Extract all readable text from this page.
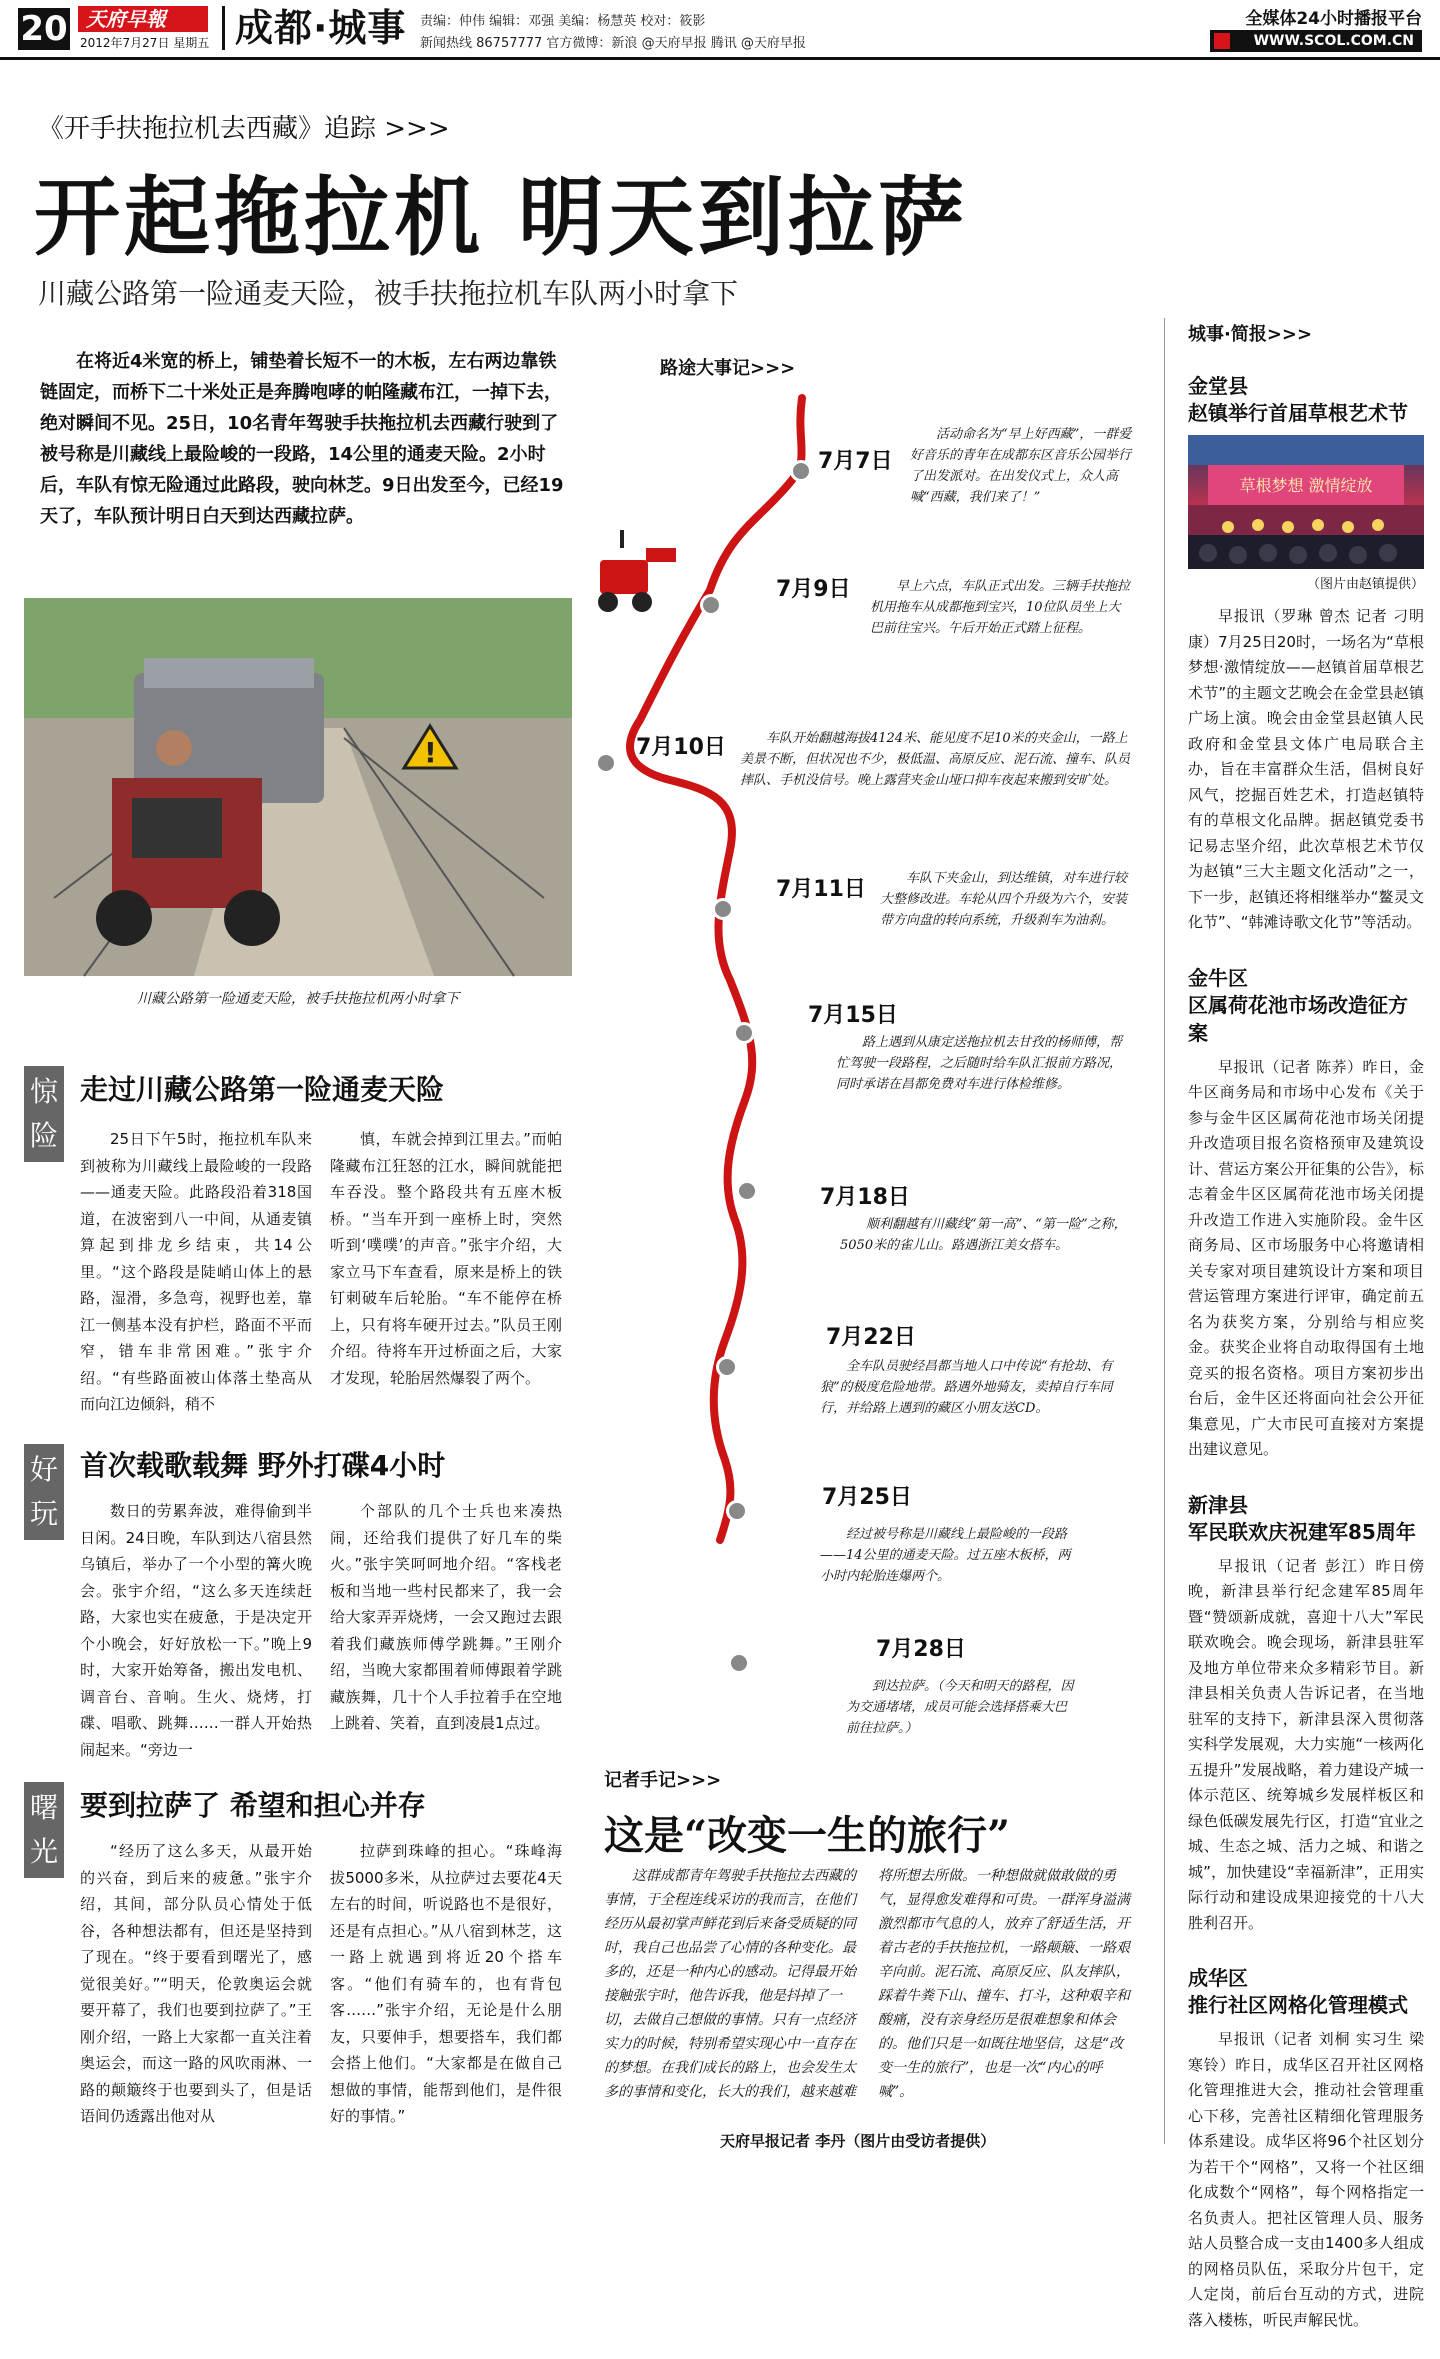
20 天府早報
2012年7月27日 星期五 成都·城事 责编：仲伟 编辑：邓强 美编：杨慧英 校对：筱影
新闻热线 86757777 官方微博：新浪 @天府早报 腾讯 @天府早报
全媒体24小时播报平台
WWW.SCOL.COM.CN
《开手扶拖拉机去西藏》追踪 >>>
开起拖拉机 明天到拉萨
川藏公路第一险通麦天险，被手扶拖拉机车队两小时拿下
在将近4米宽的桥上，铺垫着长短不一的木板，左右两边靠铁链固定，而桥下二十米处正是奔腾咆哮的帕隆藏布江，一掉下去，绝对瞬间不见。25日，10名青年驾驶手扶拖拉机去西藏行驶到了被号称是川藏线上最险峻的一段路，14公里的通麦天险。2小时后，车队有惊无险通过此路段，驶向林芝。9日出发至今，已经19天了，车队预计明日白天到达西藏拉萨。
!
川藏公路第一险通麦天险，被手扶拖拉机两小时拿下
惊险
走过川藏公路第一险通麦天险

25日下午5时，拖拉机车队来到被称为川藏线上最险峻的一段路——通麦天险。此路段沿着318国道，在波密到八一中间，从通麦镇算起到排龙乡结束，共14公里。“这个路段是陡峭山体上的悬路，湿滑，多急弯，视野也差，靠江一侧基本没有护栏，路面不平而窄，错车非常困难。”张宇介绍。“有些路面被山体落土垫高从而向江边倾斜，稍不

慎，车就会掉到江里去。”而帕隆藏布江狂怒的江水，瞬间就能把车吞没。整个路段共有五座木板桥。“当车开到一座桥上时，突然听到‘噗噗’的声音。”张宇介绍，大家立马下车查看，原来是桥上的铁钉刺破车后轮胎。“车不能停在桥上，只有将车硬开过去。”队员王刚介绍。待将车开过桥面之后，大家才发现，轮胎居然爆裂了两个。

好玩
首次载歌载舞 野外打碟4小时

数日的劳累奔波，难得偷到半日闲。24日晚，车队到达八宿县然乌镇后，举办了一个小型的篝火晚会。张宇介绍，“这么多天连续赶路，大家也实在疲惫，于是决定开个小晚会，好好放松一下。”晚上9时，大家开始筹备，搬出发电机、调音台、音响。生火、烧烤，打碟、唱歌、跳舞……一群人开始热闹起来。“旁边一

个部队的几个士兵也来凑热闹，还给我们提供了好几车的柴火。”张宇笑呵呵地介绍。“客栈老板和当地一些村民都来了，我一会给大家弄弄烧烤，一会又跑过去跟着我们藏族师傅学跳舞。”王刚介绍，当晚大家都围着师傅跟着学跳藏族舞，几十个人手拉着手在空地上跳着、笑着，直到凌晨1点过。

曙光
要到拉萨了 希望和担心并存

“经历了这么多天，从最开始的兴奋，到后来的疲惫。”张宇介绍，其间，部分队员心情处于低谷，各种想法都有，但还是坚持到了现在。“终于要看到曙光了，感觉很美好。”“明天，伦敦奥运会就要开幕了，我们也要到拉萨了。”王刚介绍，一路上大家都一直关注着奥运会，而这一路的风吹雨淋、一路的颠簸终于也要到头了，但是话语间仍透露出他对从

拉萨到珠峰的担心。“珠峰海拔5000多米，从拉萨过去要花4天左右的时间，听说路也不是很好，还是有点担心。”从八宿到林芝，这一路上就遇到将近20个搭车客。“他们有骑车的，也有背包客……”张宇介绍，无论是什么朋友，只要伸手，想要搭车，我们都会搭上他们。“大家都是在做自己想做的事情，能帮到他们，是件很好的事情。”

路途大事记>>>
7月7日
活动命名为“早上好西藏”，一群爱好音乐的青年在成都东区音乐公园举行了出发派对。在出发仪式上，众人高喊“西藏，我们来了！”
7月9日	早上六点，车队正式出发。三辆手扶拖拉机用拖车从成都拖到宝兴，10位队员坐上大巴前往宝兴。午后开始正式踏上征程。
7月10日	车队开始翻越海拔4124米、能见度不足10米的夹金山，一路上美景不断，但状况也不少，极低温、高原反应、泥石流、撞车、队员摔队、手机没信号。晚上露营夹金山垭口抑车夜起来搬到安旷处。
7月11日	车队下夹金山，到达维镇，对车进行较大整修改进。车轮从四个升级为六个，安装带方向盘的转向系统，升级刹车为油刹。
7月15日
路上遇到从康定送拖拉机去甘孜的杨师傅，帮忙驾驶一段路程，之后随时给车队汇报前方路况，同时承诺在昌都免费对车进行体检维修。
7月18日
顺利翻越有川藏线“第一高”、“第一险”之称，5050米的雀儿山。路遇浙江美女搭车。
7月22日
全车队员驶经昌都当地人口中传说“有抢劫、有狼”的极度危险地带。路遇外地骑友，卖掉自行车同行，并给路上遇到的藏区小朋友送CD。
7月25日
经过被号称是川藏线上最险峻的一段路——14公里的通麦天险。过五座木板桥，两小时内轮胎连爆两个。
7月28日
到达拉萨。（今天和明天的路程，因为交通堵堵，成员可能会选择搭乘大巴前往拉萨。）
记者手记>>>
这是“改变一生的旅行”

这群成都青年驾驶手扶拖拉去西藏的事情，于全程连线采访的我而言，在他们经历从最初掌声鲜花到后来备受质疑的同时，我自己也品尝了心情的各种变化。最多的，还是一种内心的感动。记得最开始接触张宇时，他告诉我，他是抖掉了一切，去做自己想做的事情。只有一点经济实力的时候，特别希望实现心中一直存在的梦想。在我们成长的路上，也会发生太多的事情和变化，长大的我们，越来越难将所想去所做。一种想做就做敢做的勇气，显得愈发难得和可贵。一群浑身溢满激烈都市气息的人，放弃了舒适生活，开着古老的手扶拖拉机，一路颠簸、一路艰辛向前。泥石流、高原反应、队友摔队，踩着牛粪下山、撞车、打斗，这种艰辛和酸痛，没有亲身经历是很难想象和体会的。他们只是一如既往地坚信，这是“改变一生的旅行”，也是一次“内心的呼喊”。

天府早报记者 李丹（图片由受访者提供）
城事·简报>>>
金堂县
赵镇举行首届草根艺术节
草根梦想 激情绽放
（图片由赵镇提供）

早报讯（罗琳 曾杰 记者 刁明康）7月25日20时，一场名为“草根梦想·激情绽放——赵镇首届草根艺术节”的主题文艺晚会在金堂县赵镇广场上演。晚会由金堂县赵镇人民政府和金堂县文体广电局联合主办，旨在丰富群众生活，倡树良好风气，挖掘百姓艺术，打造赵镇特有的草根文化品牌。据赵镇党委书记易志坚介绍，此次草根艺术节仅为赵镇“三大主题文化活动”之一，下一步，赵镇还将相继举办“鳌灵文化节”、“韩滩诗歌文化节”等活动。

金牛区
区属荷花池市场改造征方案

早报讯（记者 陈荞）昨日，金牛区商务局和市场中心发布《关于参与金牛区区属荷花池市场关闭提升改造项目报名资格预审及建筑设计、营运方案公开征集的公告》，标志着金牛区区属荷花池市场关闭提升改造工作进入实施阶段。金牛区商务局、区市场服务中心将邀请相关专家对项目建筑设计方案和项目营运管理方案进行评审，确定前五名为获奖方案，分别给与相应奖金。获奖企业将自动取得国有土地竞买的报名资格。项目方案初步出台后，金牛区还将面向社会公开征集意见，广大市民可直接对方案提出建议意见。

新津县
军民联欢庆祝建军85周年

早报讯（记者 彭江）昨日傍晚，新津县举行纪念建军85周年暨“赞颂新成就，喜迎十八大”军民联欢晚会。晚会现场，新津县驻军及地方单位带来众多精彩节目。新津县相关负责人告诉记者，在当地驻军的支持下，新津县深入贯彻落实科学发展观，大力实施“一核两化五提升”发展战略，着力建设产城一体示范区、统筹城乡发展样板区和绿色低碳发展先行区，打造“宜业之城、生态之城、活力之城、和谐之城”，加快建设“幸福新津”，正用实际行动和建设成果迎接党的十八大胜利召开。

成华区
推行社区网格化管理模式

早报讯（记者 刘桐 实习生 梁寒铃）昨日，成华区召开社区网格化管理推进大会，推动社会管理重心下移，完善社区精细化管理服务体系建设。成华区将96个社区划分为若干个“网格”，又将一个社区细化成数个“网格”，每个网格指定一名负责人。把社区管理人员、服务站人员整合成一支由1400多人组成的网格员队伍，采取分片包干，定人定岗，前后台互动的方式，进院落入楼栋，听民声解民忧。
